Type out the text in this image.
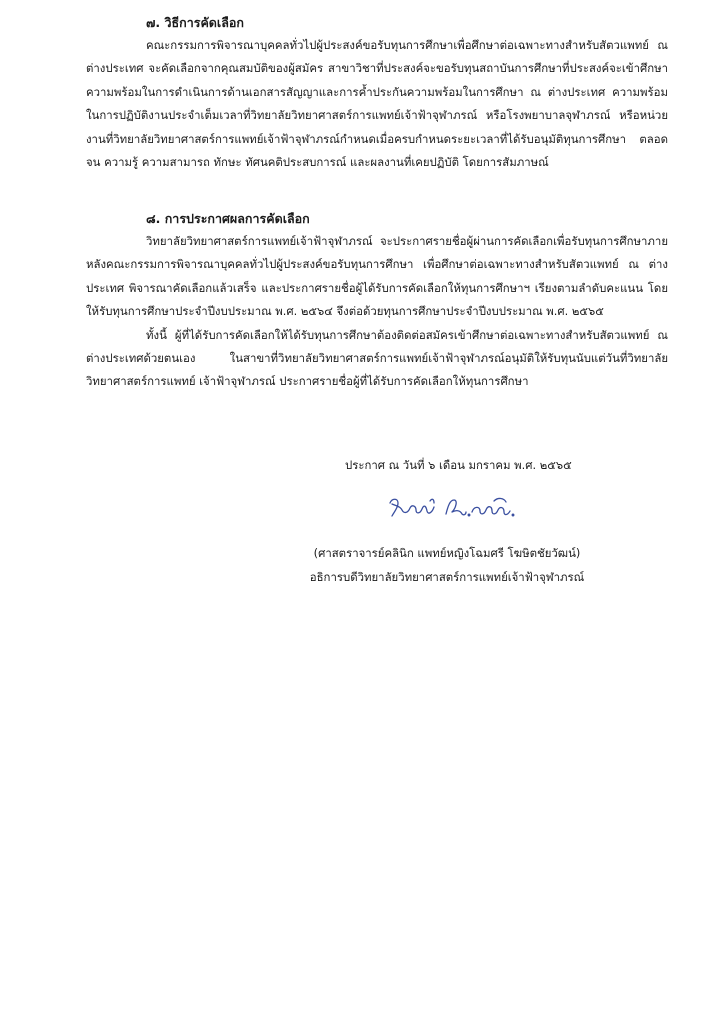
๗. วิธีการคัดเลือก

คณะกรรมการพิจารณาบุคคลทั่วไปผู้ประสงค์ขอรับทุนการศึกษาเพื่อศึกษาต่อเฉพาะทางสำหรับสัตวแพทย์ ณ ต่างประเทศ จะคัดเลือกจากคุณสมบัติของผู้สมัคร สาขาวิชาที่ประสงค์จะขอรับทุนสถาบันการศึกษาที่ประสงค์จะเข้าศึกษา ความพร้อมในการดำเนินการด้านเอกสารสัญญาและการค้ำประกันความพร้อมในการศึกษา ณ ต่างประเทศ ความพร้อมในการปฏิบัติงานประจำเต็มเวลาที่วิทยาลัยวิทยาศาสตร์การแพทย์เจ้าฟ้าจุฬาภรณ์ หรือโรงพยาบาลจุฬาภรณ์ หรือหน่วยงานที่วิทยาลัยวิทยาศาสตร์การแพทย์เจ้าฟ้าจุฬาภรณ์กำหนดเมื่อครบกำหนดระยะเวลาที่ได้รับอนุมัติทุนการศึกษา ตลอดจน ความรู้ ความสามารถ ทักษะ ทัศนคติประสบการณ์ และผลงานที่เคยปฏิบัติ โดยการสัมภาษณ์

๘. การประกาศผลการคัดเลือก

วิทยาลัยวิทยาศาสตร์การแพทย์เจ้าฟ้าจุฬาภรณ์ จะประกาศรายชื่อผู้ผ่านการคัดเลือกเพื่อรับทุนการศึกษาภายหลังคณะกรรมการพิจารณาบุคคลทั่วไปผู้ประสงค์ขอรับทุนการศึกษา เพื่อศึกษาต่อเฉพาะทางสำหรับสัตวแพทย์ ณ ต่างประเทศ พิจารณาคัดเลือกแล้วเสร็จ และประกาศรายชื่อผู้ได้รับการคัดเลือกให้ทุนการศึกษาฯ เรียงตามลำดับคะแนน โดยให้รับทุนการศึกษาประจำปีงบประมาณ พ.ศ. ๒๕๖๔ จึงต่อด้วยทุนการศึกษาประจำปีงบประมาณ พ.ศ. ๒๕๖๕

ทั้งนี้ ผู้ที่ได้รับการคัดเลือกให้ได้รับทุนการศึกษาต้องติดต่อสมัครเข้าศึกษาต่อเฉพาะทางสำหรับสัตวแพทย์ ณ ต่างประเทศด้วยตนเอง ในสาขาที่วิทยาลัยวิทยาศาสตร์การแพทย์เจ้าฟ้าจุฬาภรณ์อนุมัติให้รับทุนนับแต่วันที่วิทยาลัยวิทยาศาสตร์การแพทย์ เจ้าฟ้าจุฬาภรณ์ ประกาศรายชื่อผู้ที่ได้รับการคัดเลือกให้ทุนการศึกษา

ประกาศ ณ วันที่ ๖ เดือน มกราคม พ.ศ. ๒๕๖๕
(ศาสตราจารย์คลินิก แพทย์หญิงโฉมศรี โฆษิตชัยวัฒน์)
อธิการบดีวิทยาลัยวิทยาศาสตร์การแพทย์เจ้าฟ้าจุฬาภรณ์
